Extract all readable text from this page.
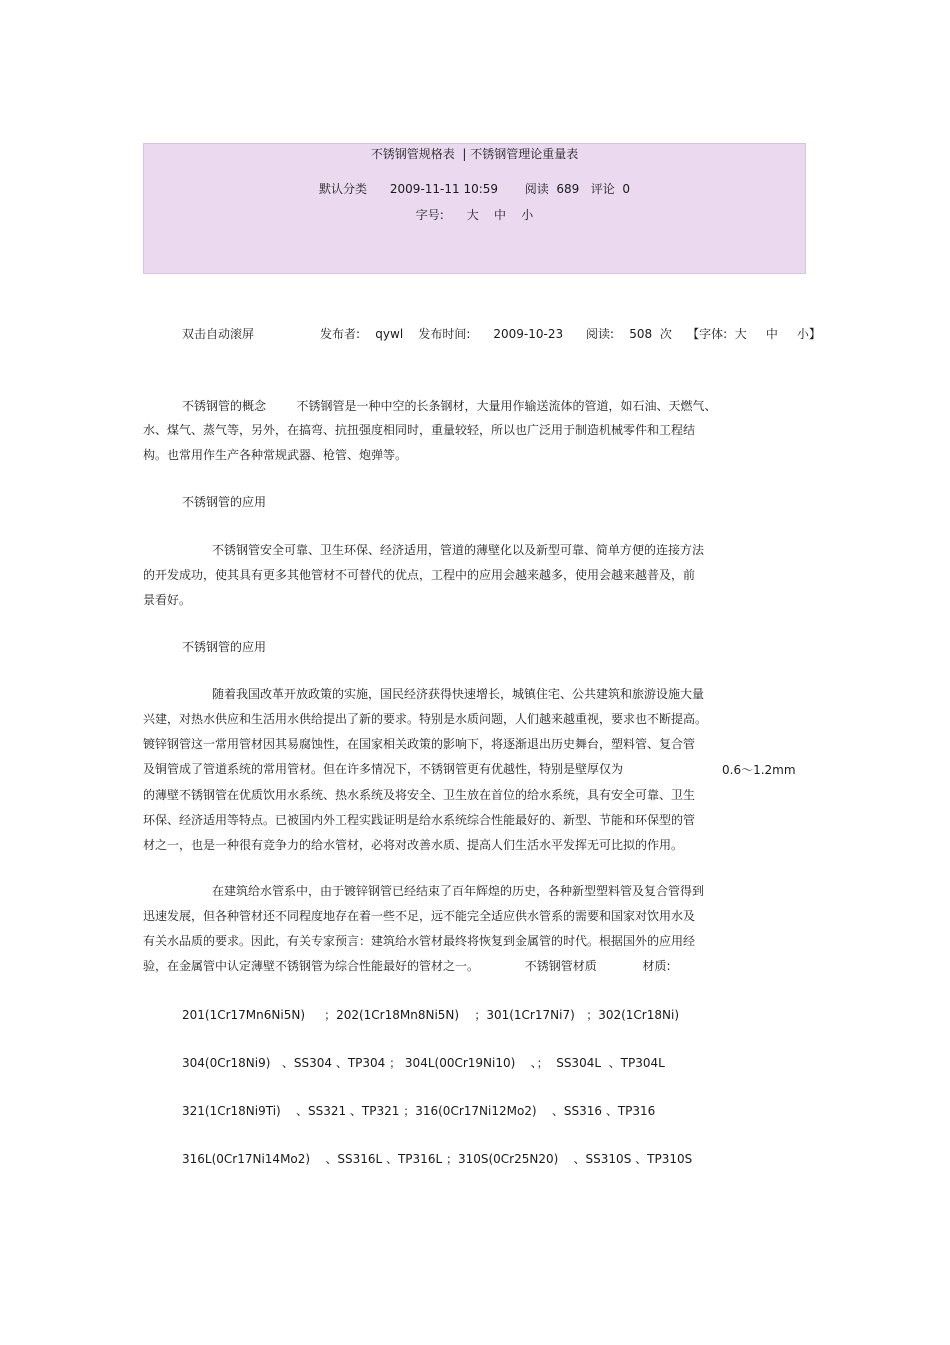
不锈钢管规格表  | 不锈钢管理论重量表
默认分类      2009-11-11 10:59       阅读  689   评论  0
字号:      大    中    小
双击自动滚屏	发布者:    qywl    发布时间:      2009-10-23      阅读:    508  次    【字体:  大     中     小】
不锈钢管的概念        不锈钢管是一种中空的长条钢材，大量用作输送流体的管道，如石油、天燃气、
水、煤气、蒸气等，另外，在搞弯、抗扭强度相同时，重量较轻，所以也广泛用于制造机械零件和工程结
构。也常用作生产各种常规武器、枪管、炮弹等。
不锈钢管的应用
不锈钢管安全可靠、卫生环保、经济适用，管道的薄壁化以及新型可靠、简单方便的连接方法
的开发成功，使其具有更多其他管材不可替代的优点，工程中的应用会越来越多，使用会越来越普及，前
景看好。
不锈钢管的应用
随着我国改革开放政策的实施，国民经济获得快速增长，城镇住宅、公共建筑和旅游设施大量
兴建，对热水供应和生活用水供给提出了新的要求。特别是水质问题，人们越来越重视，要求也不断提高。
镀锌钢管这一常用管材因其易腐蚀性，在国家相关政策的影响下，将逐渐退出历史舞台，塑料管、复合管
及铜管成了管道系统的常用管材。但在许多情况下，不锈钢管更有优越性，特别是壁厚仅为	0.6～1.2mm
的薄壁不锈钢管在优质饮用水系统、热水系统及将安全、卫生放在首位的给水系统，具有安全可靠、卫生
环保、经济适用等特点。已被国内外工程实践证明是给水系统综合性能最好的、新型、节能和环保型的管
材之一，也是一种很有竞争力的给水管材，必将对改善水质、提高人们生活水平发挥无可比拟的作用。
在建筑给水管系中，由于镀锌钢管已经结束了百年辉煌的历史，各种新型塑料管及复合管得到
迅速发展，但各种管材还不同程度地存在着一些不足，远不能完全适应供水管系的需要和国家对饮用水及
有关水品质的要求。因此，有关专家预言：建筑给水管材最终将恢复到金属管的时代。根据国外的应用经
验，在金属管中认定薄壁不锈钢管为综合性能最好的管材之一。            不锈钢管材质            材质:
201(1Cr17Mn6Ni5N)     ；202(1Cr18Mn8Ni5N)    ；301(1Cr17Ni7)   ；302(1Cr18Ni)
304(0Cr18Ni9)   、SS304 、TP304 ； 304L(00Cr19Ni10)    、；  SS304L  、TP304L
321(1Cr18Ni9Ti)    、SS321 、TP321 ；316(0Cr17Ni12Mo2)    、SS316 、TP316
316L(0Cr17Ni14Mo2)    、SS316L 、TP316L ；310S(0Cr25N20)    、SS310S 、TP310S
